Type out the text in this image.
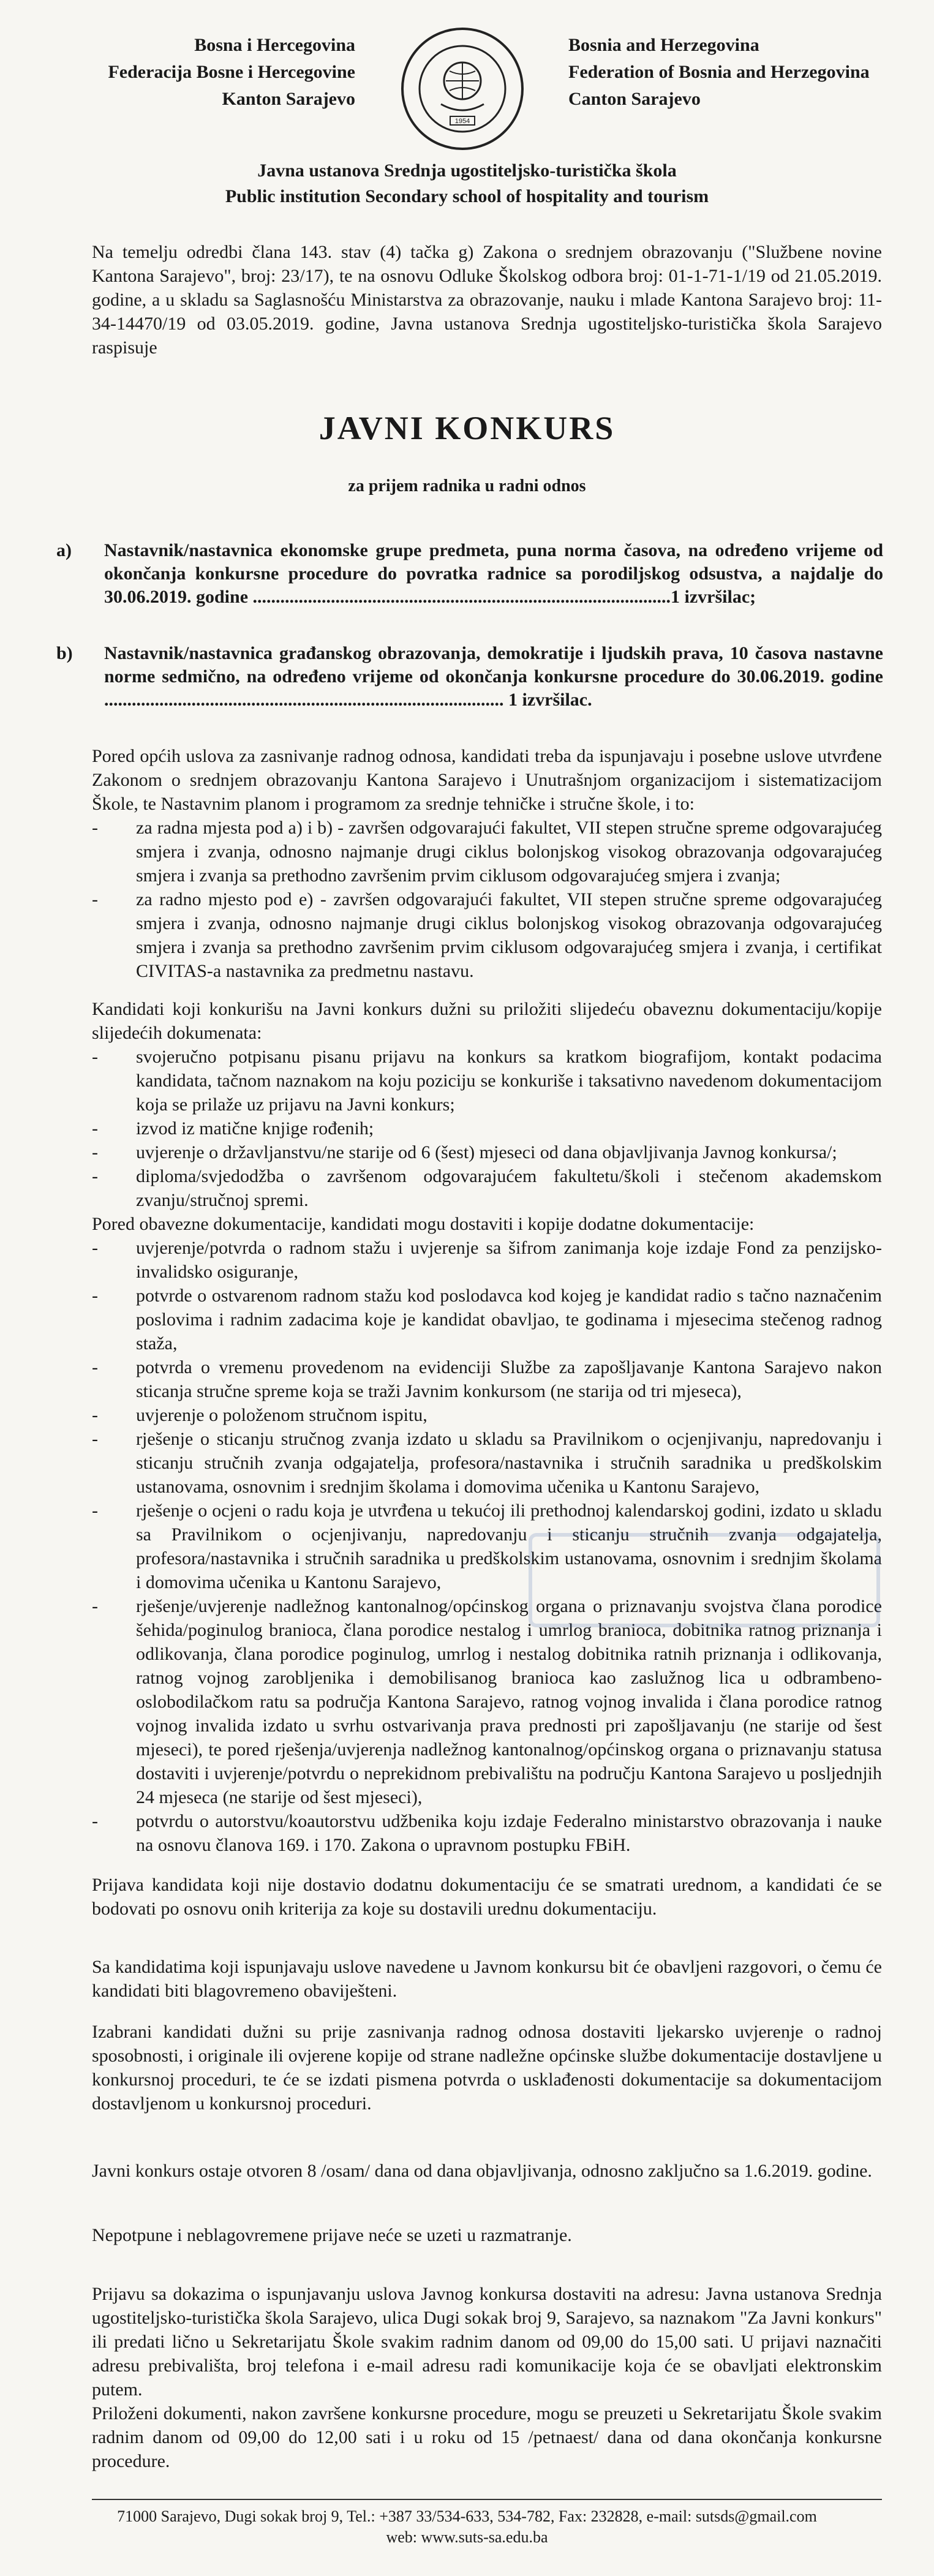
Bosna i Hercegovina
Federacija Bosne i Hercegovine
Kanton Sarajevo
1954
Bosnia and Herzegovina
Federation of Bosnia and Herzegovina
Canton Sarajevo
Javna ustanova Srednja ugostiteljsko-turistička škola
Public institution Secondary school of hospitality and tourism
Na temelju odredbi člana 143. stav (4) tačka g) Zakona o srednjem obrazovanju ("Službene novine Kantona Sarajevo", broj: 23/17), te na osnovu Odluke Školskog odbora broj: 01-1-71-1/19 od 21.05.2019. godine, a u skladu sa Saglasnošću Ministarstva za obrazovanje, nauku i mlade Kantona Sarajevo broj: 11-34-14470/19 od 03.05.2019. godine, Javna ustanova Srednja ugostiteljsko-turistička škola Sarajevo raspisuje
JAVNI KONKURS
za prijem radnika u radni odnos
a)	Nastavnik/nastavnica ekonomske grupe predmeta, puna norma časova, na određeno vrijeme od okončanja konkursne procedure do povratka radnice sa porodiljskog odsustva, a najdalje do 30.06.2019. godine ...........................................................................................1 izvršilac;
b)	Nastavnik/nastavnica građanskog obrazovanja, demokratije i ljudskih prava, 10 časova nastavne norme sedmično, na određeno vrijeme od okončanja konkursne procedure do 30.06.2019. godine ....................................................................................... 1 izvršilac.
Pored općih uslova za zasnivanje radnog odnosa, kandidati treba da ispunjavaju i posebne uslove utvrđene Zakonom o srednjem obrazovanju Kantona Sarajevo i Unutrašnjom organizacijom i sistematizacijom Škole, te Nastavnim planom i programom za srednje tehničke i stručne škole, i to:
- za radna mjesta pod a) i b) - završen odgovarajući fakultet, VII stepen stručne spreme odgovarajućeg smjera i zvanja, odnosno najmanje drugi ciklus bolonjskog visokog obrazovanja odgovarajućeg smjera i zvanja sa prethodno završenim prvim ciklusom odgovarajućeg smjera i zvanja;
- za radno mjesto pod e) - završen odgovarajući fakultet, VII stepen stručne spreme odgovarajućeg smjera i zvanja, odnosno najmanje drugi ciklus bolonjskog visokog obrazovanja odgovarajućeg smjera i zvanja sa prethodno završenim prvim ciklusom odgovarajućeg smjera i zvanja, i certifikat CIVITAS-a nastavnika za predmetnu nastavu.

Kandidati koji konkurišu na Javni konkurs dužni su priložiti slijedeću obaveznu dokumentaciju/kopije slijedećih dokumenata:

- svojeručno potpisanu pisanu prijavu na konkurs sa kratkom biografijom, kontakt podacima kandidata, tačnom naznakom na koju poziciju se konkuriše i taksativno navedenom dokumentacijom koja se prilaže uz prijavu na Javni konkurs;
- izvod iz matične knjige rođenih;
- uvjerenje o državljanstvu/ne starije od 6 (šest) mjeseci od dana objavljivanja Javnog konkursa/;
- diploma/svjedodžba o završenom odgovarajućem fakultetu/školi i stečenom akademskom zvanju/stručnoj spremi.

Pored obavezne dokumentacije, kandidati mogu dostaviti i kopije dodatne dokumentacije:

- uvjerenje/potvrda o radnom stažu i uvjerenje sa šifrom zanimanja koje izdaje Fond za penzijsko-invalidsko osiguranje,
- potvrde o ostvarenom radnom stažu kod poslodavca kod kojeg je kandidat radio s tačno naznačenim poslovima i radnim zadacima koje je kandidat obavljao, te godinama i mjesecima stečenog radnog staža,
- potvrda o vremenu provedenom na evidenciji Službe za zapošljavanje Kantona Sarajevo nakon sticanja stručne spreme koja se traži Javnim konkursom (ne starija od tri mjeseca),
- uvjerenje o položenom stručnom ispitu,
- rješenje o sticanju stručnog zvanja izdato u skladu sa Pravilnikom o ocjenjivanju, napredovanju i sticanju stručnih zvanja odgajatelja, profesora/nastavnika i stručnih saradnika u predškolskim ustanovama, osnovnim i srednjim školama i domovima učenika u Kantonu Sarajevo,
- rješenje o ocjeni o radu koja je utvrđena u tekućoj ili prethodnoj kalendarskoj godini, izdato u skladu sa Pravilnikom o ocjenjivanju, napredovanju i sticanju stručnih zvanja odgajatelja, profesora/nastavnika i stručnih saradnika u predškolskim ustanovama, osnovnim i srednjim školama i domovima učenika u Kantonu Sarajevo,
- rješenje/uvjerenje nadležnog kantonalnog/općinskog organa o priznavanju svojstva člana porodice šehida/poginulog branioca, člana porodice nestalog i umrlog branioca, dobitnika ratnog priznanja i odlikovanja, člana porodice poginulog, umrlog i nestalog dobitnika ratnih priznanja i odlikovanja, ratnog vojnog zarobljenika i demobilisanog branioca kao zaslužnog lica u odbrambeno-oslobodilačkom ratu sa područja Kantona Sarajevo, ratnog vojnog invalida i člana porodice ratnog vojnog invalida izdato u svrhu ostvarivanja prava prednosti pri zapošljavanju (ne starije od šest mjeseci), te pored rješenja/uvjerenja nadležnog kantonalnog/općinskog organa o priznavanju statusa dostaviti i uvjerenje/potvrdu o neprekidnom prebivalištu na području Kantona Sarajevo u posljednjih 24 mjeseca (ne starije od šest mjeseci),
- potvrdu o autorstvu/koautorstvu udžbenika koju izdaje Federalno ministarstvo obrazovanja i nauke na osnovu članova 169. i 170. Zakona o upravnom postupku FBiH.
Prijava kandidata koji nije dostavio dodatnu dokumentaciju će se smatrati urednom, a kandidati će se bodovati po osnovu onih kriterija za koje su dostavili urednu dokumentaciju.
Sa kandidatima koji ispunjavaju uslove navedene u Javnom konkursu bit će obavljeni razgovori, o čemu će kandidati biti blagovremeno obaviješteni.
Izabrani kandidati dužni su prije zasnivanja radnog odnosa dostaviti ljekarsko uvjerenje o radnoj sposobnosti, i originale ili ovjerene kopije od strane nadležne općinske službe dokumentacije dostavljene u konkursnoj proceduri, te će se izdati pismena potvrda o usklađenosti dokumentacije sa dokumentacijom dostavljenom u konkursnoj proceduri.
Javni konkurs ostaje otvoren 8 /osam/ dana od dana objavljivanja, odnosno zaključno sa 1.6.2019. godine.
Nepotpune i neblagovremene prijave neće se uzeti u razmatranje.
Prijavu sa dokazima o ispunjavanju uslova Javnog konkursa dostaviti na adresu: Javna ustanova Srednja ugostiteljsko-turistička škola Sarajevo, ulica Dugi sokak broj 9, Sarajevo, sa naznakom "Za Javni konkurs" ili predati lično u Sekretarijatu Škole svakim radnim danom od 09,00 do 15,00 sati. U prijavi naznačiti adresu prebivališta, broj telefona i e-mail adresu radi komunikacije koja će se obavljati elektronskim putem.
Priloženi dokumenti, nakon završene konkursne procedure, mogu se preuzeti u Sekretarijatu Škole svakim radnim danom od 09,00 do 12,00 sati i u roku od 15 /petnaest/ dana od dana okončanja konkursne procedure.
71000 Sarajevo, Dugi sokak broj 9, Tel.: +387 33/534-633, 534-782, Fax: 232828, e-mail: sutsds@gmail.com
web: www.suts-sa.edu.ba
